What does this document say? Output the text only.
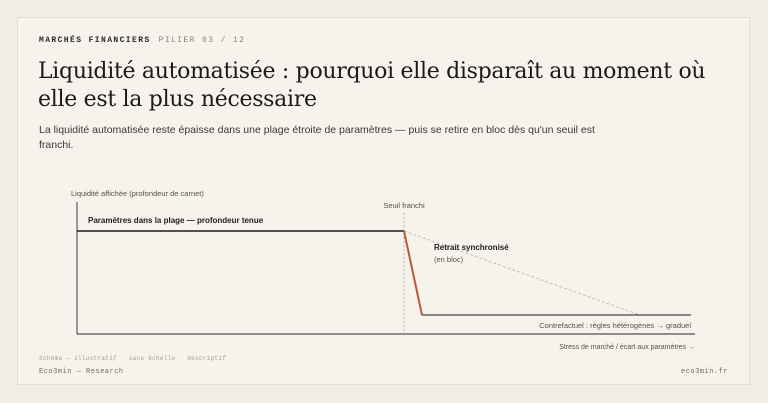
MARCHÉS FINANCIERS PILIER 03 / 12
Liquidité automatisée : pourquoi elle disparaît au moment où elle est la plus nécessaire
La liquidité automatisée reste épaisse dans une plage étroite de paramètres — puis se retire en bloc dès qu'un seuil est franchi.
Liquidité affichée (profondeur de carnet)
Seuil franchi
Paramètres dans la plage — profondeur tenue
Retrait synchronisé
(en bloc)
Contrefactuel : règles hétérogènes → graduel
Stress de marché / écart aux paramètres →
Schéma — illustratif · sans échelle · descriptif
Eco3min — Research	eco3min.fr
